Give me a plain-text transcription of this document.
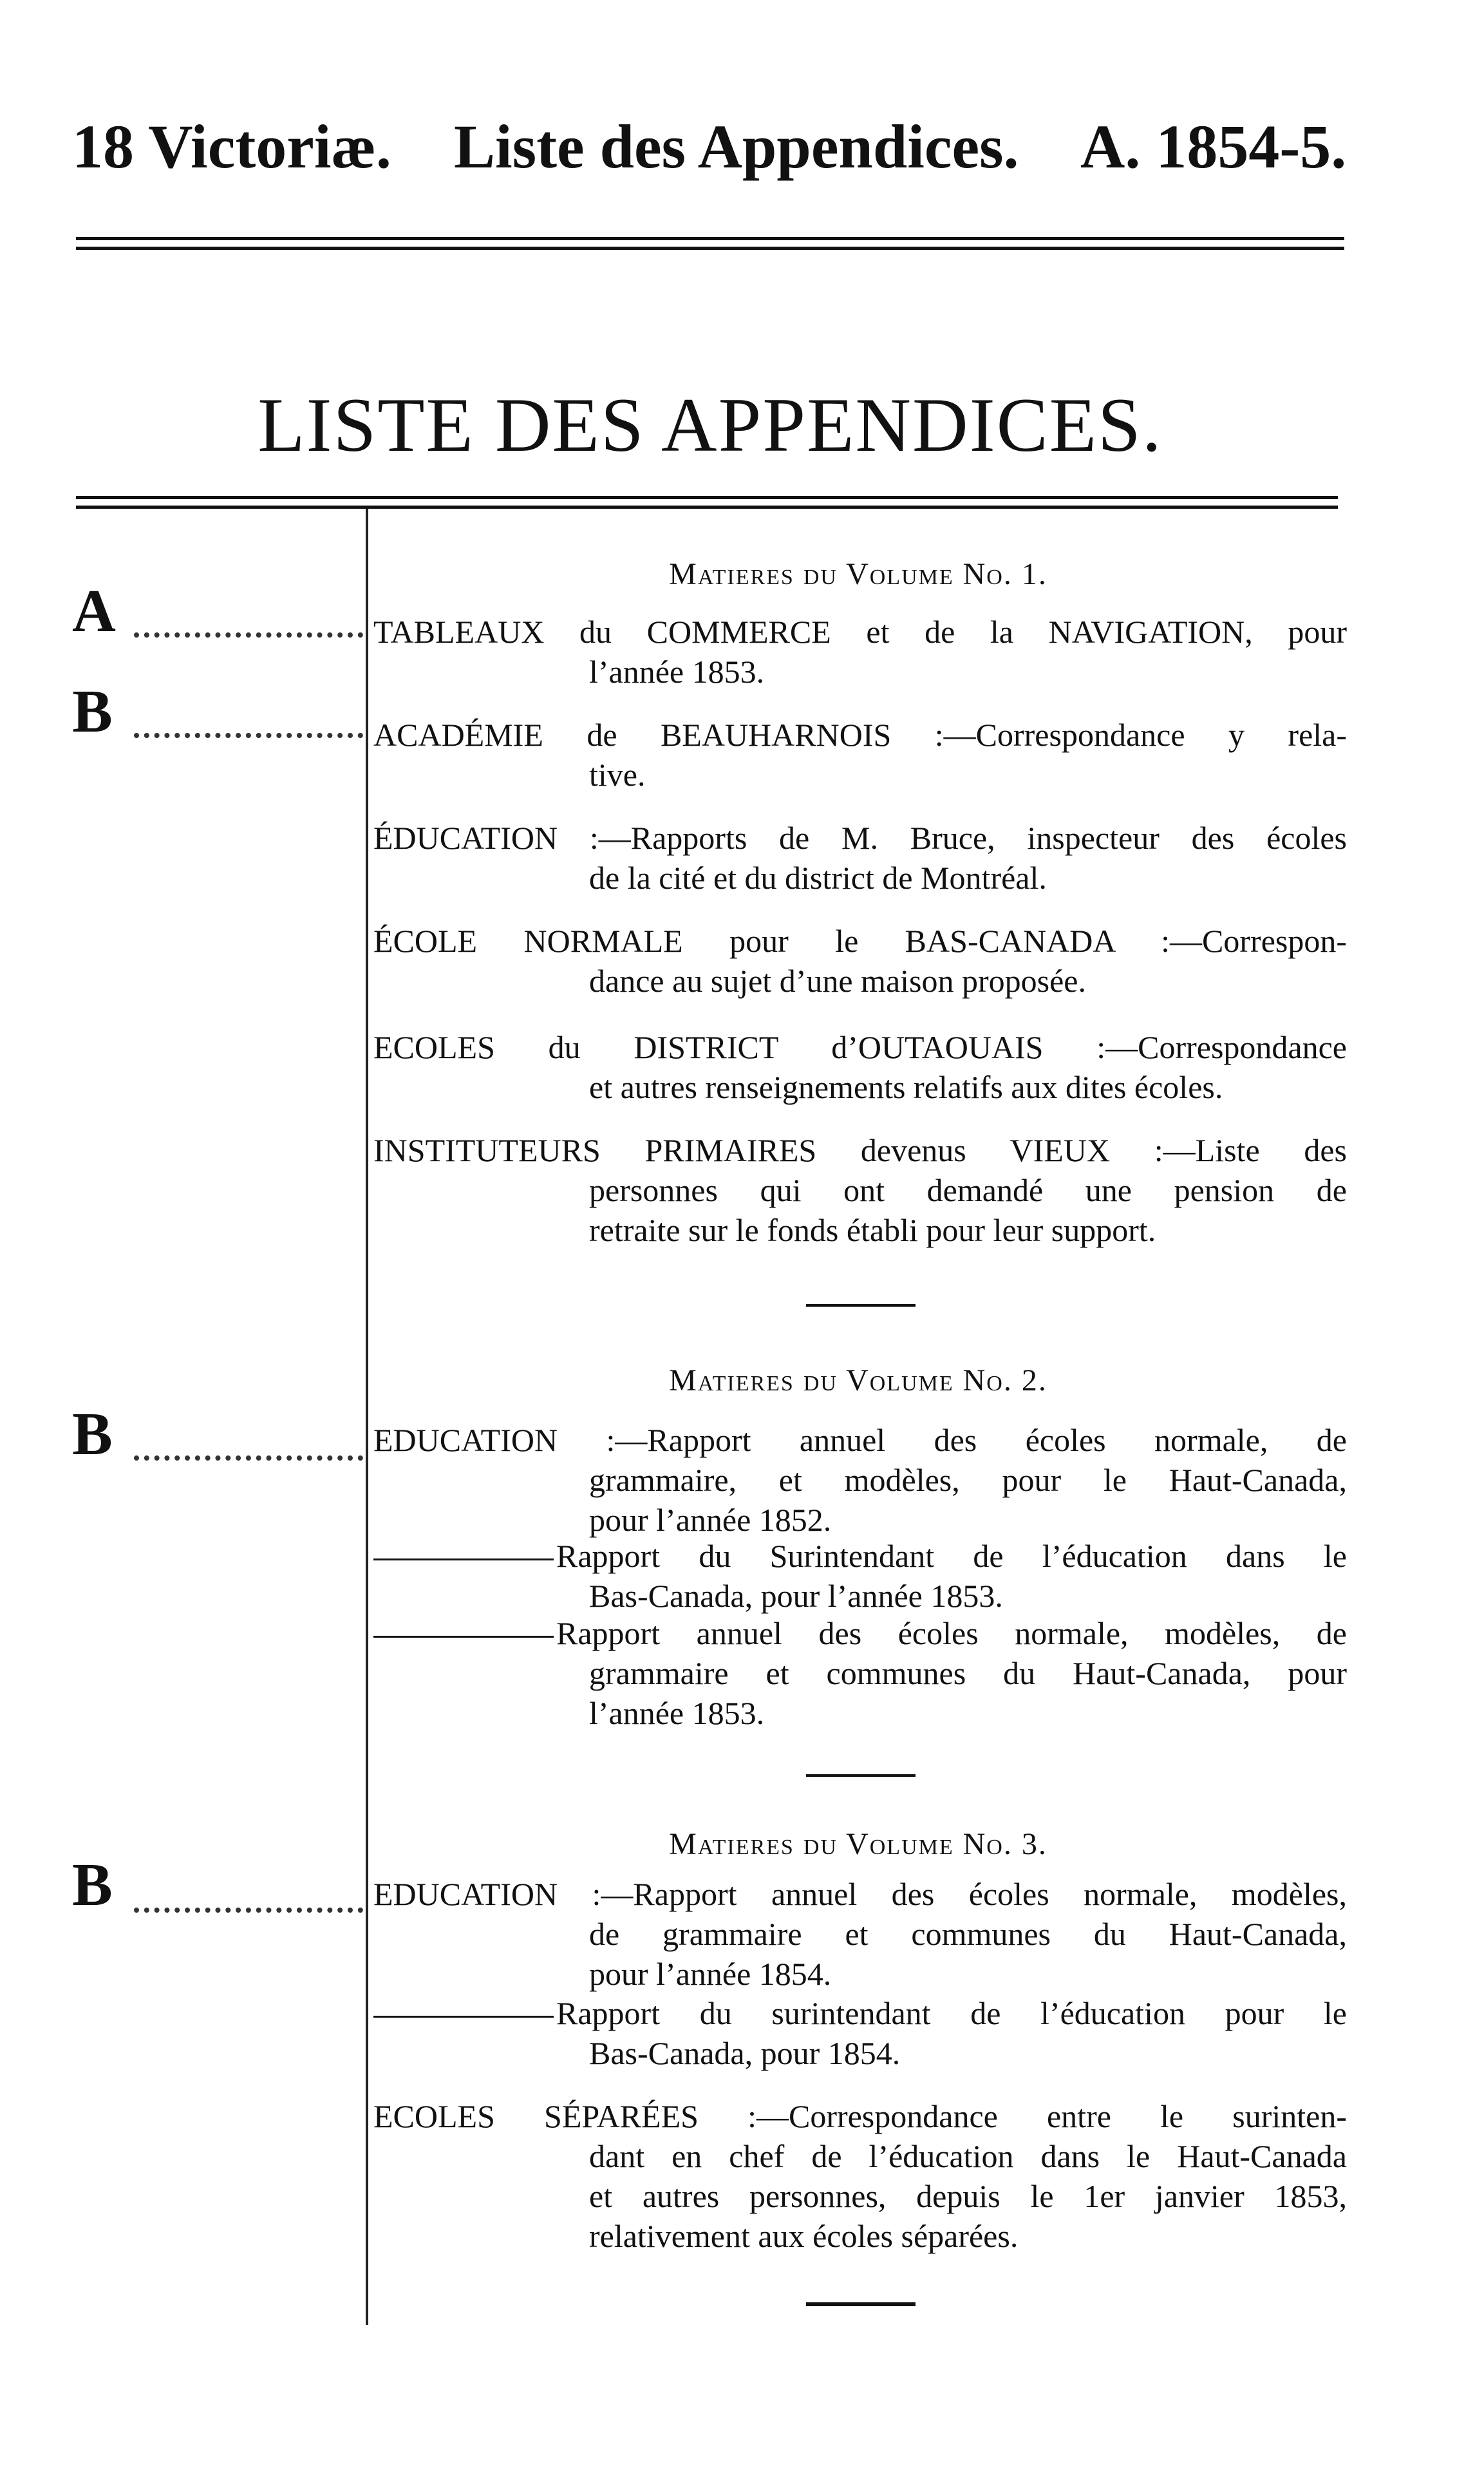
18 Victoriæ. Liste des Appendices. A. 1854-5.
LISTE DES APPENDICES.
Matieres du Volume No. 1.
A	TABLEAUX du COMMERCE et de la NAVIGATION, pour
l’année 1853.
B	ACADÉMIE de BEAUHARNOIS :—Correspondance y rela-
tive.
ÉDUCATION :—Rapports de M. Bruce, inspecteur des écoles
de la cité et du district de Montréal.
ÉCOLE NORMALE pour le BAS-CANADA :—Correspon-
dance au sujet d’une maison proposée.
ECOLES du DISTRICT d’OUTAOUAIS :—Correspondance
et autres renseignements relatifs aux dites écoles.
INSTITUTEURS PRIMAIRES devenus VIEUX :—Liste des
personnes qui ont demandé une pension de
retraite sur le fonds établi pour leur support.
Matieres du Volume No. 2.
B	EDUCATION :—Rapport annuel des écoles normale, de
grammaire, et modèles, pour le Haut-Canada,
pour l’année 1852.
Rapport du Surintendant de l’éducation dans le
Bas-Canada, pour l’année 1853.
Rapport annuel des écoles normale, modèles, de
grammaire et communes du Haut-Canada, pour
l’année 1853.
Matieres du Volume No. 3.
B	EDUCATION :—Rapport annuel des écoles normale, modèles,
de grammaire et communes du Haut-Canada,
pour l’année 1854.
Rapport du surintendant de l’éducation pour le
Bas-Canada, pour 1854.
ECOLES SÉPARÉES :—Correspondance entre le surinten-
dant en chef de l’éducation dans le Haut-Canada
et autres personnes, depuis le 1er janvier 1853,
relativement aux écoles séparées.
